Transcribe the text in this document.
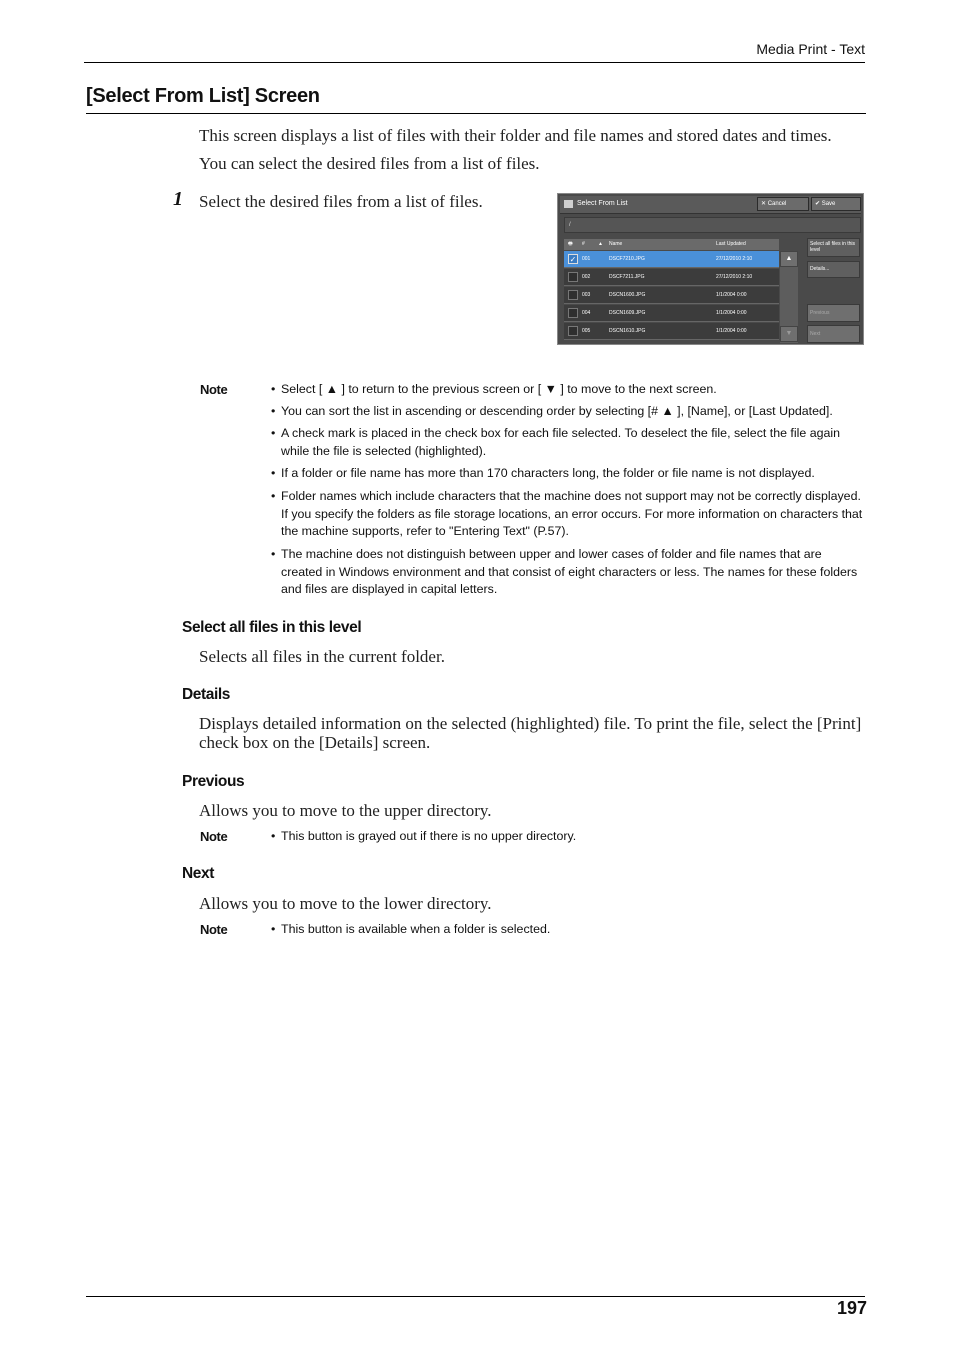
Media Print - Text
[Select From List] Screen
This screen displays a list of files with their folder and file names and stored dates and times.
You can select the desired files from a list of files.
1 Select the desired files from a list of files.	Select From List	✕ Cancel	✔ Save
/
🖶 #	▲ Name	Last Updated
✓	001	DSCF7210.JPG	27/12/2010 2:10
002	DSCF7211.JPG	27/12/2010 2:10
003	DSCN1600.JPG	1/1/2004 0:00
004	DSCN1609.JPG	1/1/2004 0:00
005	DSCN1610.JPG	1/1/2004 0:00
▲
▼
Select all files in this level
Details...
Previous
Next
Note	• Select [ ▲ ] to return to the previous screen or [ ▼ ] to move to the next screen.
• You can sort the list in ascending or descending order by selecting [# ▲ ], [Name], or [Last Updated].
• A check mark is placed in the check box for each file selected. To deselect the file, select the file again while the file is selected (highlighted).
• If a folder or file name has more than 170 characters long, the folder or file name is not displayed.
• Folder names which include characters that the machine does not support may not be correctly displayed. If you specify the folders as file storage locations, an error occurs. For more information on characters that the machine supports, refer to "Entering Text" (P.57).
• The machine does not distinguish between upper and lower cases of folder and file names that are created in Windows environment and that consist of eight characters or less. The names for these folders and files are displayed in capital letters.
Select all files in this level
Selects all files in the current folder.
Details
Displays detailed information on the selected (highlighted) file. To print the file, select the [Print] check box on the [Details] screen.
Previous
Allows you to move to the upper directory.
Note	• This button is grayed out if there is no upper directory.
Next
Allows you to move to the lower directory.
Note	• This button is available when a folder is selected.
197
